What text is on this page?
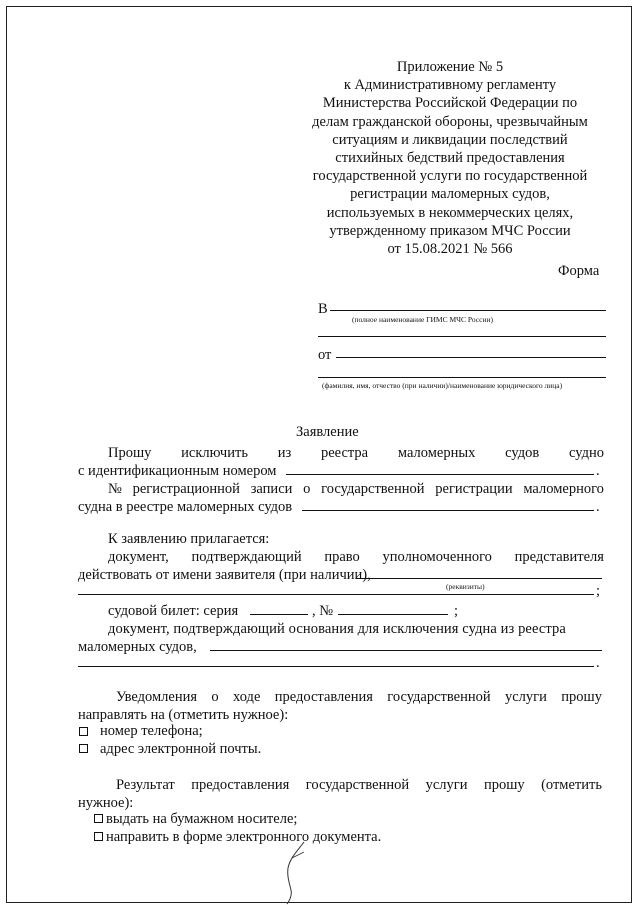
Приложение № 5
к Административному регламенту
Министерства Российской Федерации по
делам гражданской обороны, чрезвычайным
ситуациям и ликвидации последствий
стихийных бедствий предоставления
государственной услуги по государственной
регистрации маломерных судов,
используемых в некоммерческих целях,
утвержденному приказом МЧС России
от 15.08.2021 № 566
Форма
В
(полное наименование ГИМС МЧС России)
от
(фамилия, имя, отчество (при наличии)/наименование юридического лица)
Заявление
Прошу исключить из реестра маломерных судов судно
с идентификационным номером	.
№ регистрационной записи о государственной регистрации маломерного
судна в реестре маломерных судов	.
К заявлению прилагается:
документ, подтверждающий право уполномоченного представителя
действовать от имени заявителя (при наличии),
(реквизиты)	;
судовой билет: серия	, №	;
документ, подтверждающий основания для исключения судна из реестра
маломерных судов,
.
Уведомления о ходе предоставления государственной услуги прошу
направлять на (отметить нужное):
номер телефона;
адрес электронной почты.
Результат предоставления государственной услуги прошу (отметить
нужное):
выдать на бумажном носителе;
направить в форме электронного документа.
